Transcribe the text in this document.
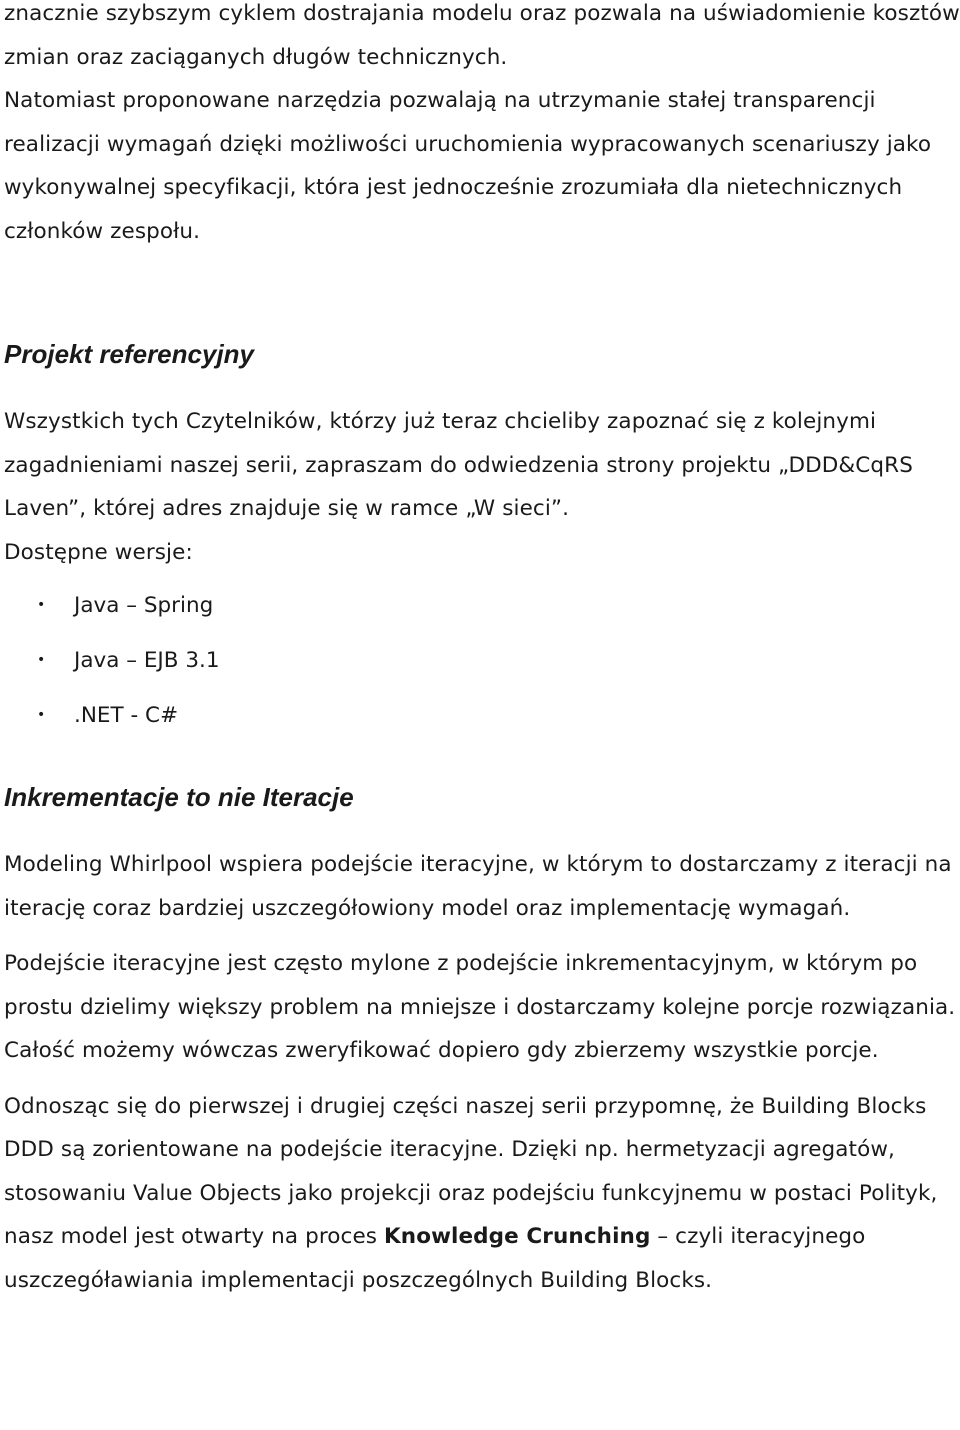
znacznie szybszym cyklem dostrajania modelu oraz pozwala na uświadomienie kosztów zmian oraz zaciąganych długów technicznych.

Natomiast proponowane narzędzia pozwalają na utrzymanie stałej transparencji realizacji wymagań dzięki możliwości uruchomienia wypracowanych scenariuszy jako wykonywalnej specyfikacji, która jest jednocześnie zrozumiała dla nietechnicznych członków zespołu.

Projekt referencyjny

Wszystkich tych Czytelników, którzy już teraz chcieliby zapoznać się z kolejnymi zagadnieniami naszej serii, zapraszam do odwiedzenia strony projektu „DDD&CqRS Laven”, której adres znajduje się w ramce „W sieci”.

Dostępne wersje:

• Java – Spring
• Java – EJB 3.1
• .NET - C#
Inkrementacje to nie Iteracje

Modeling Whirlpool wspiera podejście iteracyjne, w którym to dostarczamy z iteracji na iterację coraz bardziej uszczegółowiony model oraz implementację wymagań.

Podejście iteracyjne jest często mylone z podejście inkrementacyjnym, w którym po prostu dzielimy większy problem na mniejsze i dostarczamy kolejne porcje rozwiązania. Całość możemy wówczas zweryfikować dopiero gdy zbierzemy wszystkie porcje.

Odnosząc się do pierwszej i drugiej części naszej serii przypomnę, że Building Blocks DDD są zorientowane na podejście iteracyjne. Dzięki np. hermetyzacji agregatów, stosowaniu Value Objects jako projekcji oraz podejściu funkcyjnemu w postaci Polityk, nasz model jest otwarty na proces Knowledge Crunching – czyli iteracyjnego uszczegóławiania implementacji poszczególnych Building Blocks.
